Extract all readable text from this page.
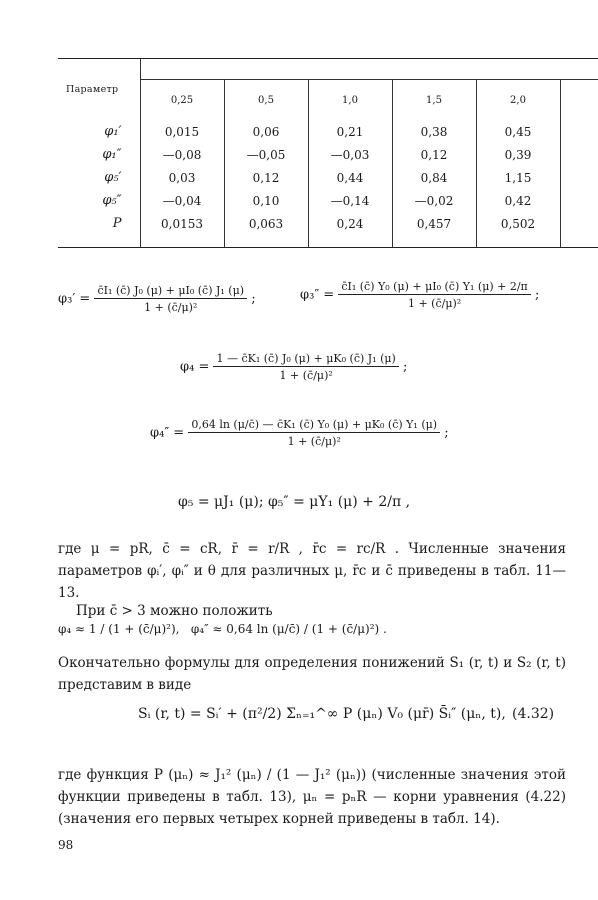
Параметр

	0,25	0,5	1,0	1,5	2,0	
φ₁′	0,015	0,06	0,21	0,38	0,45	
φ₁″	—0,08	—0,05	—0,03	0,12	0,39	
φ₅′	0,03	0,12	0,44	0,84	1,15	
φ₅″	—0,04	0,10	—0,14	—0,02	0,42	
P	0,0153	0,063	0,24	0,457	0,502	

$\varphi_3' = \frac{\text{c̄I₁ (c̄) J₀ (μ) + μI₀ (c̄) J₁ (μ)}}{\text{1 + (c̄/μ)²}}$ ;	$\varphi_3'' = \frac{\text{c̄I₁ (c̄) Y₀ (μ) + μI₀ (c̄) Y₁ (μ) + 2/π}}{\text{1 + (c̄/μ)²}}$ ;
$\varphi_4 = \frac{\text{1 — c̄K₁ (c̄) J₀ (μ) + μK₀ (c̄) J₁ (μ)}}{\text{1 + (c̄/μ)²}}$ ;
$\varphi_4'' = \frac{\text{0,64 ln (μ/c̄) — c̄K₁ (c̄) Y₀ (μ) + μK₀ (c̄) Y₁ (μ)}}{\text{1 + (c̄/μ)²}}$ ;
φ₅ = μJ₁ (μ); φ₅″ = μY₁ (μ) + 2/π ,
где μ = pR, c̄ = cR, r̄ = r/R , r̄c = rc/R . Численные значения параметров φᵢ′, φᵢ″ и θ для различных μ, r̄c и c̄ приведены в табл. 11—13.
При c̄ > 3 можно положить
φ₄ ≈ 1 / (1 + (c̄/μ)²),   φ₄″ ≈ 0,64 ln (μ/c̄) / (1 + (c̄/μ)²) .
Окончательно формулы для определения понижений S₁ (r, t) и S₂ (r, t) представим в виде
Sᵢ (r, t) = Sᵢ′ + (π²/2) Σₙ₌₁^∞ P (μₙ) V₀ (μr̄) S̄ᵢ″ (μₙ, t), (4.32)
где функция P (μₙ) ≈ J₁² (μₙ) / (1 — J₁² (μₙ)) (численные значения этой функции приведены в табл. 13), μₙ = pₙR — корни уравнения (4.22) (значения его первых четырех корней приведены в табл. 14).
98
